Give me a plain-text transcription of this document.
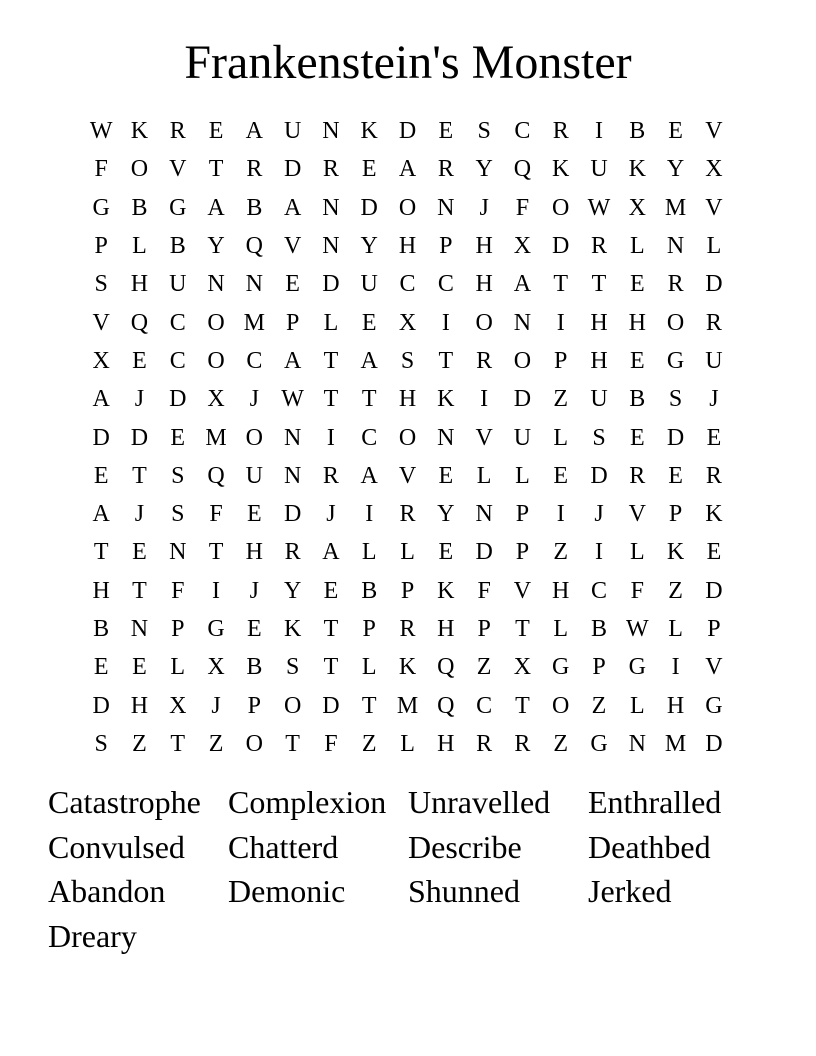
Frankenstein's Monster
W K R E A U N K D E	S C R	I	B E V
F O V T R D R E A R Y Q K U K Y X
G B G A B A N D O N	J	F O W X M V
P	L B Y Q V N Y H P H X D R L N L
S H U N N E D U C C H A T T E R D
V Q C O M P	L E X	I	O N	I	H H O R
X E C O C A T A S	T R O P H E G U
A	J	D X	J W T T H K	I	D Z U B S	J
D D E M O N	I	C O N V U L	S	E D E
E T	S Q U N R A V E L L E D R E R
A	J	S	F	E D	J	I	R Y N P	I	J	V P K
T E N T H R A L L E D P	Z	I	L K E
H T	F	I	J	Y E B P K F V H C F	Z D
B N P G E K T	P R H P	T L B W L	P
E E L X B S	T L K Q Z X G P G	I	V
D H X	J	P O D T M Q C T O Z L H G
S	Z T Z O T	F	Z L H R R Z G N M D
Catastrophe Complexion Unravelled	Enthralled
Convulsed	Chatterd	Describe	Deathbed
Abandon	Demonic	Shunned	Jerked
Dreary
